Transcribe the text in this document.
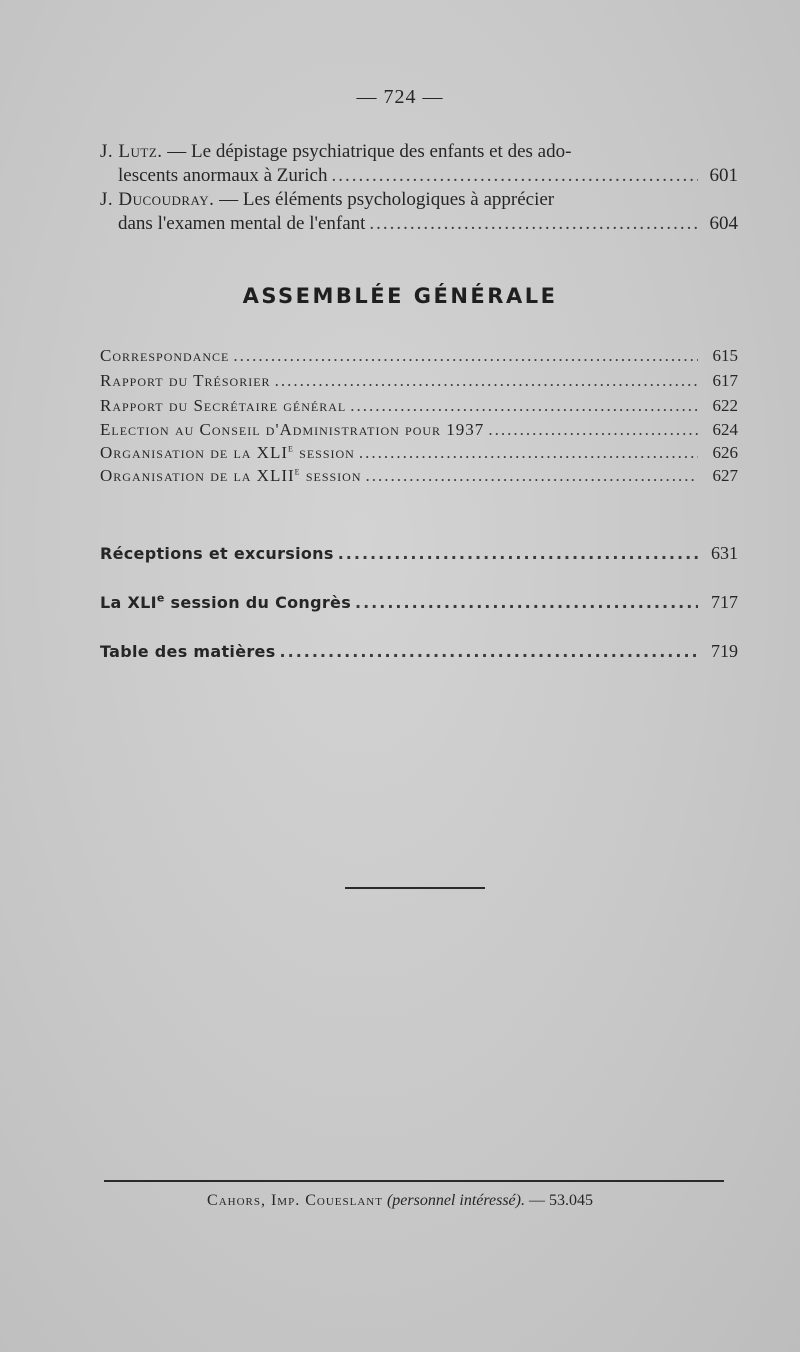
— 724 —
J. Lutz. — Le dépistage psychiatrique des enfants et des ado-
lescents anormaux à Zurich .....	601
J. Ducoudray. — Les éléments psychologiques à apprécier
dans l'examen mental de l'enfant .....	604
ASSEMBLÉE GÉNÉRALE
Correspondance .....	615
Rapport du Trésorier .....	617
Rapport du Secrétaire général .....	622
Election au Conseil d'Administration pour 1937 .....	624
Organisation de la XLIe session .....	626
Organisation de la XLIIe session .....	627
Réceptions et excursions .....	631
La XLIe session du Congrès .....	717
Table des matières .....	719
Cahors, Imp. Coueslant (personnel intéressé). — 53.045
